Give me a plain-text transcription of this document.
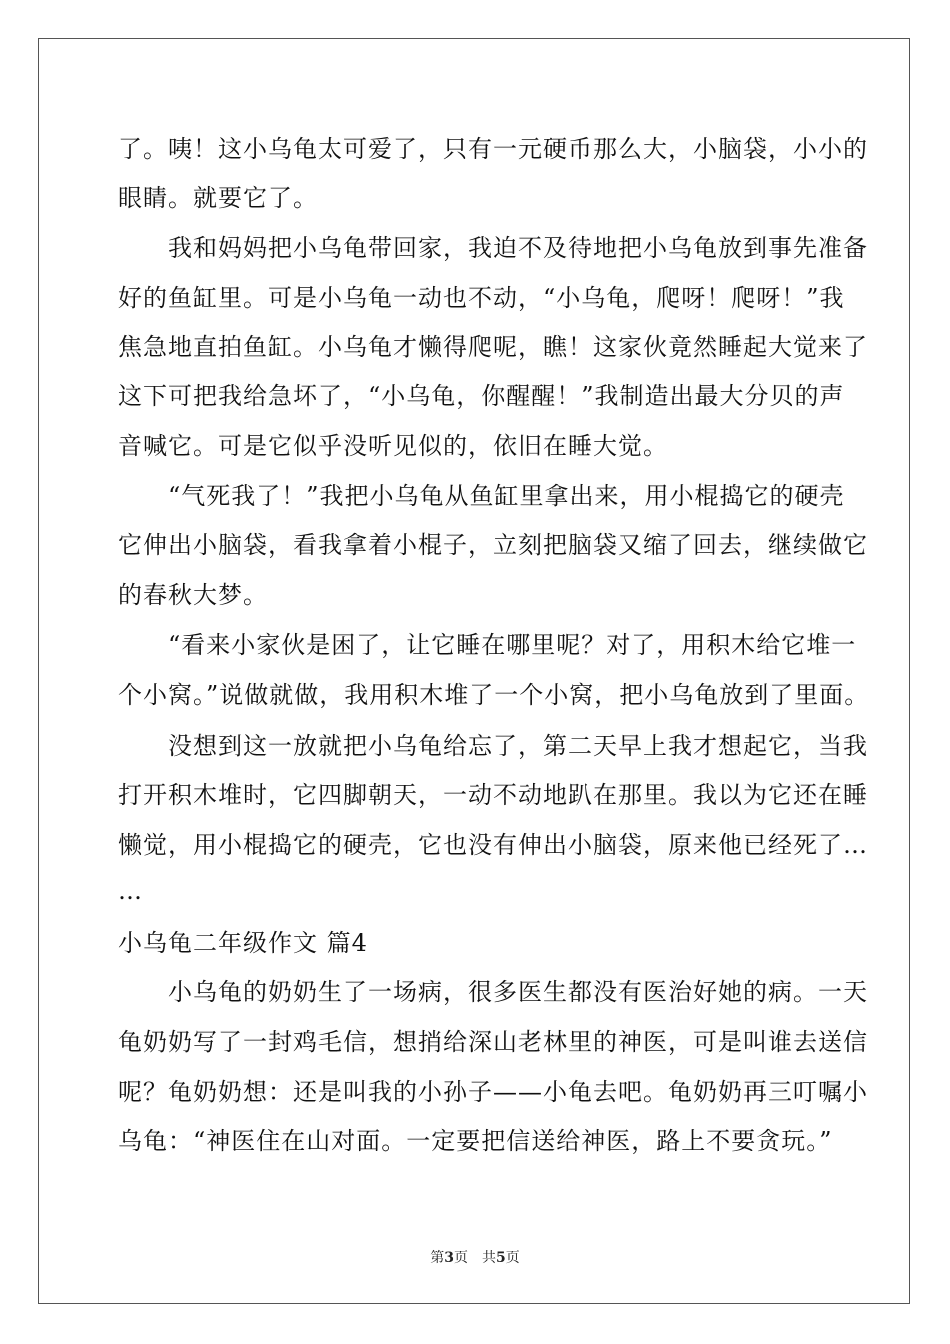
了。咦！这小乌龟太可爱了，只有一元硬币那么大，小脑袋，小小的
眼睛。就要它了。
　　我和妈妈把小乌龟带回家，我迫不及待地把小乌龟放到事先准备
好的鱼缸里。可是小乌龟一动也不动，“小乌龟，爬呀！爬呀！”我
焦急地直拍鱼缸。小乌龟才懒得爬呢，瞧！这家伙竟然睡起大觉来了
这下可把我给急坏了，“小乌龟，你醒醒！”我制造出最大分贝的声
音喊它。可是它似乎没听见似的，依旧在睡大觉。
　　“气死我了！”我把小乌龟从鱼缸里拿出来，用小棍捣它的硬壳
它伸出小脑袋，看我拿着小棍子，立刻把脑袋又缩了回去，继续做它
的春秋大梦。
　　“看来小家伙是困了，让它睡在哪里呢？对了，用积木给它堆一
个小窝。”说做就做，我用积木堆了一个小窝，把小乌龟放到了里面。
　　没想到这一放就把小乌龟给忘了，第二天早上我才想起它，当我
打开积木堆时，它四脚朝天，一动不动地趴在那里。我以为它还在睡
懒觉，用小棍捣它的硬壳，它也没有伸出小脑袋，原来他已经死了…
…
小乌龟二年级作文 篇4
　　小乌龟的奶奶生了一场病，很多医生都没有医治好她的病。一天
龟奶奶写了一封鸡毛信，想捎给深山老林里的神医，可是叫谁去送信
呢？龟奶奶想：还是叫我的小孙子——小龟去吧。龟奶奶再三叮嘱小
乌龟：“神医住在山对面。一定要把信送给神医，路上不要贪玩。”
第3页　共5页
